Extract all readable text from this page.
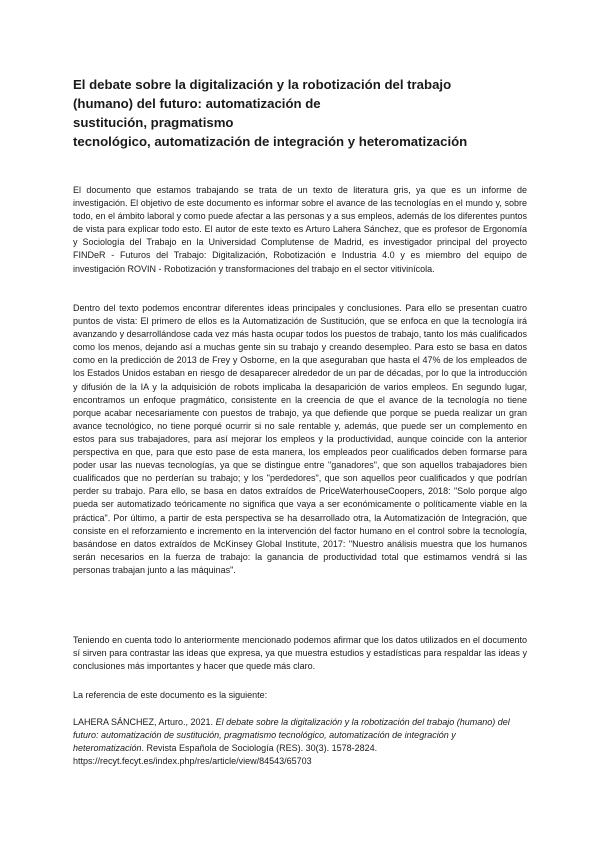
El debate sobre la digitalización y la robotización del trabajo
(humano) del futuro: automatización de
sustitución, pragmatismo
tecnológico, automatización de integración y heteromatización

El documento que estamos trabajando se trata de un texto de literatura gris, ya que es un informe de investigación. El objetivo de este documento es informar sobre el avance de las tecnologías en el mundo y, sobre todo, en el ámbito laboral y como puede afectar a las personas y a sus empleos, además de los diferentes puntos de vista para explicar todo esto. El autor de este texto es Arturo Lahera Sánchez, que es profesor de Ergonomía y Sociología del Trabajo en la Universidad Complutense de Madrid, es investigador principal del proyecto FINDeR - Futuros del Trabajo: Digitalización, Robotización e Industria 4.0 y es miembro del equipo de investigación ROVIN - Robotización y transformaciones del trabajo en el sector vitivinícola.

Dentro del texto podemos encontrar diferentes ideas principales y conclusiones. Para ello se presentan cuatro puntos de vista: El primero de ellos es la Automatización de Sustitución, que se enfoca en que la tecnología irá avanzando y desarrollándose cada vez más hasta ocupar todos los puestos de trabajo, tanto los más cualificados como los menos, dejando así a muchas gente sin su trabajo y creando desempleo. Para esto se basa en datos como en la predicción de 2013 de Frey y Osborne, en la que aseguraban que hasta el 47% de los empleados de los Estados Unidos estaban en riesgo de desaparecer alrededor de un par de décadas, por lo que la introducción y difusión de la IA y la adquisición de robots implicaba la desaparición de varios empleos. En segundo lugar, encontramos un enfoque pragmático, consistente en la creencia de que el avance de la tecnología no tiene porque acabar necesariamente con puestos de trabajo, ya que defiende que porque se pueda realizar un gran avance tecnológico, no tiene porqué ocurrir si no sale rentable y, además, que puede ser un complemento en estos para sus trabajadores, para así mejorar los empleos y la productividad, aunque coincide con la anterior perspectiva en que, para que esto pase de esta manera, los empleados peor cualificados deben formarse para poder usar las nuevas tecnologías, ya que se distingue entre "ganadores", que son aquellos trabajadores bien cualificados que no perderían su trabajo; y los "perdedores", que son aquellos peor cualificados y que podrían perder su trabajo. Para ello, se basa en datos extraídos de PriceWaterhouseCoopers, 2018: "Solo porque algo pueda ser automatizado teóricamente no significa que vaya a ser económicamente o políticamente viable en la práctica". Por último, a partir de esta perspectiva se ha desarrollado otra, la Automatización de Integración, que consiste en el reforzamiento e incremento en la intervención del factor humano en el control sobre la tecnología, basándose en datos extraídos de McKinsey Global Institute, 2017: "Nuestro análisis muestra que los humanos serán necesarios en la fuerza de trabajo: la ganancia de productividad total que estimamos vendrá si las personas trabajan junto a las máquinas".

Teniendo en cuenta todo lo anteriormente mencionado podemos afirmar que los datos utilizados en el documento sí sirven para contrastar las ideas que expresa, ya que muestra estudios y estadísticas para respaldar las ideas y conclusiones más importantes y hacer que quede más claro.

La referencia de este documento es la siguiente:

LAHERA SÁNCHEZ, Arturo., 2021. El debate sobre la digitalización y la robotización del trabajo (humano) del futuro: automatización de sustitución, pragmatismo tecnológico, automatización de integración y heteromatización. Revista Española de Sociología (RES). 30(3). 1578-2824. https://recyt.fecyt.es/index.php/res/article/view/84543/65703
